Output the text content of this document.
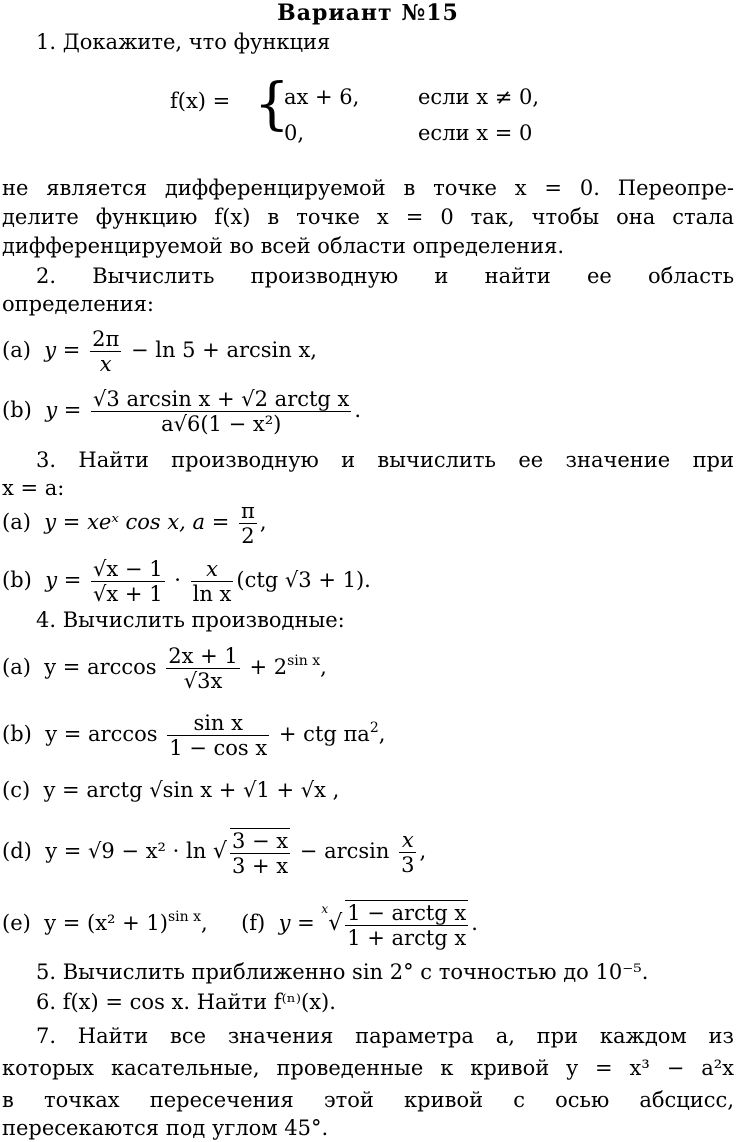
Вариант №15
1. Докажите, что функция
f(x) = {
ax + 6,	если x ≠ 0,
0,	если x = 0
не является дифференцируемой в точке x = 0. Переопре-
делите функцию f(x) в точке x = 0 так, чтобы она стала
дифференцируемой во всей области определения.
2. Вычислить производную и найти ее область
определения:
(a) $y = \frac{2\pi}{x} - \ln 5 + \arcsin x$,
(b) $y = \frac{\text{√3 arcsin x + √2 arctg x}}{\text{a√6(1 − x²)}}$ .
3. Найти производную и вычислить ее значение при
x = a:
(a) y = xeˣ cos x, $a = \frac{\pi}{2}$ ,
(b) $y = \frac{√x - 1}{√x + 1} \cdot \frac{x}{\text{ln x}} (ctg$ √3 + 1).
4. Вычислить производные:
(a) $y = \arccos \frac{2x + 1}{√3x} + 2^{sin x}$,
(b) $y = \arccos \frac{\text{sin x}}{\text{1 − cos x}}$ + ctg $\pi a^2$,
(c) y = arctg √sin x + √1 + √x ,
(d) y = √9 − x² · ln √ $\frac{3 - x}{3 + x} - \arcsin \frac{x}{3}$ ,
(e) $y = (x^2 + 1)^{sin x}$, (f) $y = ^x√ \frac{\text{1 − arctg x}}{\text{1 + arctg x}}$ .
5. Вычислить приближенно sin 2° с точностью до 10⁻⁵.
6. f(x) = cos x. Найти f⁽ⁿ⁾(x).
7. Найти все значения параметра a, при каждом из
которых касательные, проведенные к кривой y = x³ − a²x
в точках пересечения этой кривой с осью абсцисс,
пересекаются под углом 45°.
